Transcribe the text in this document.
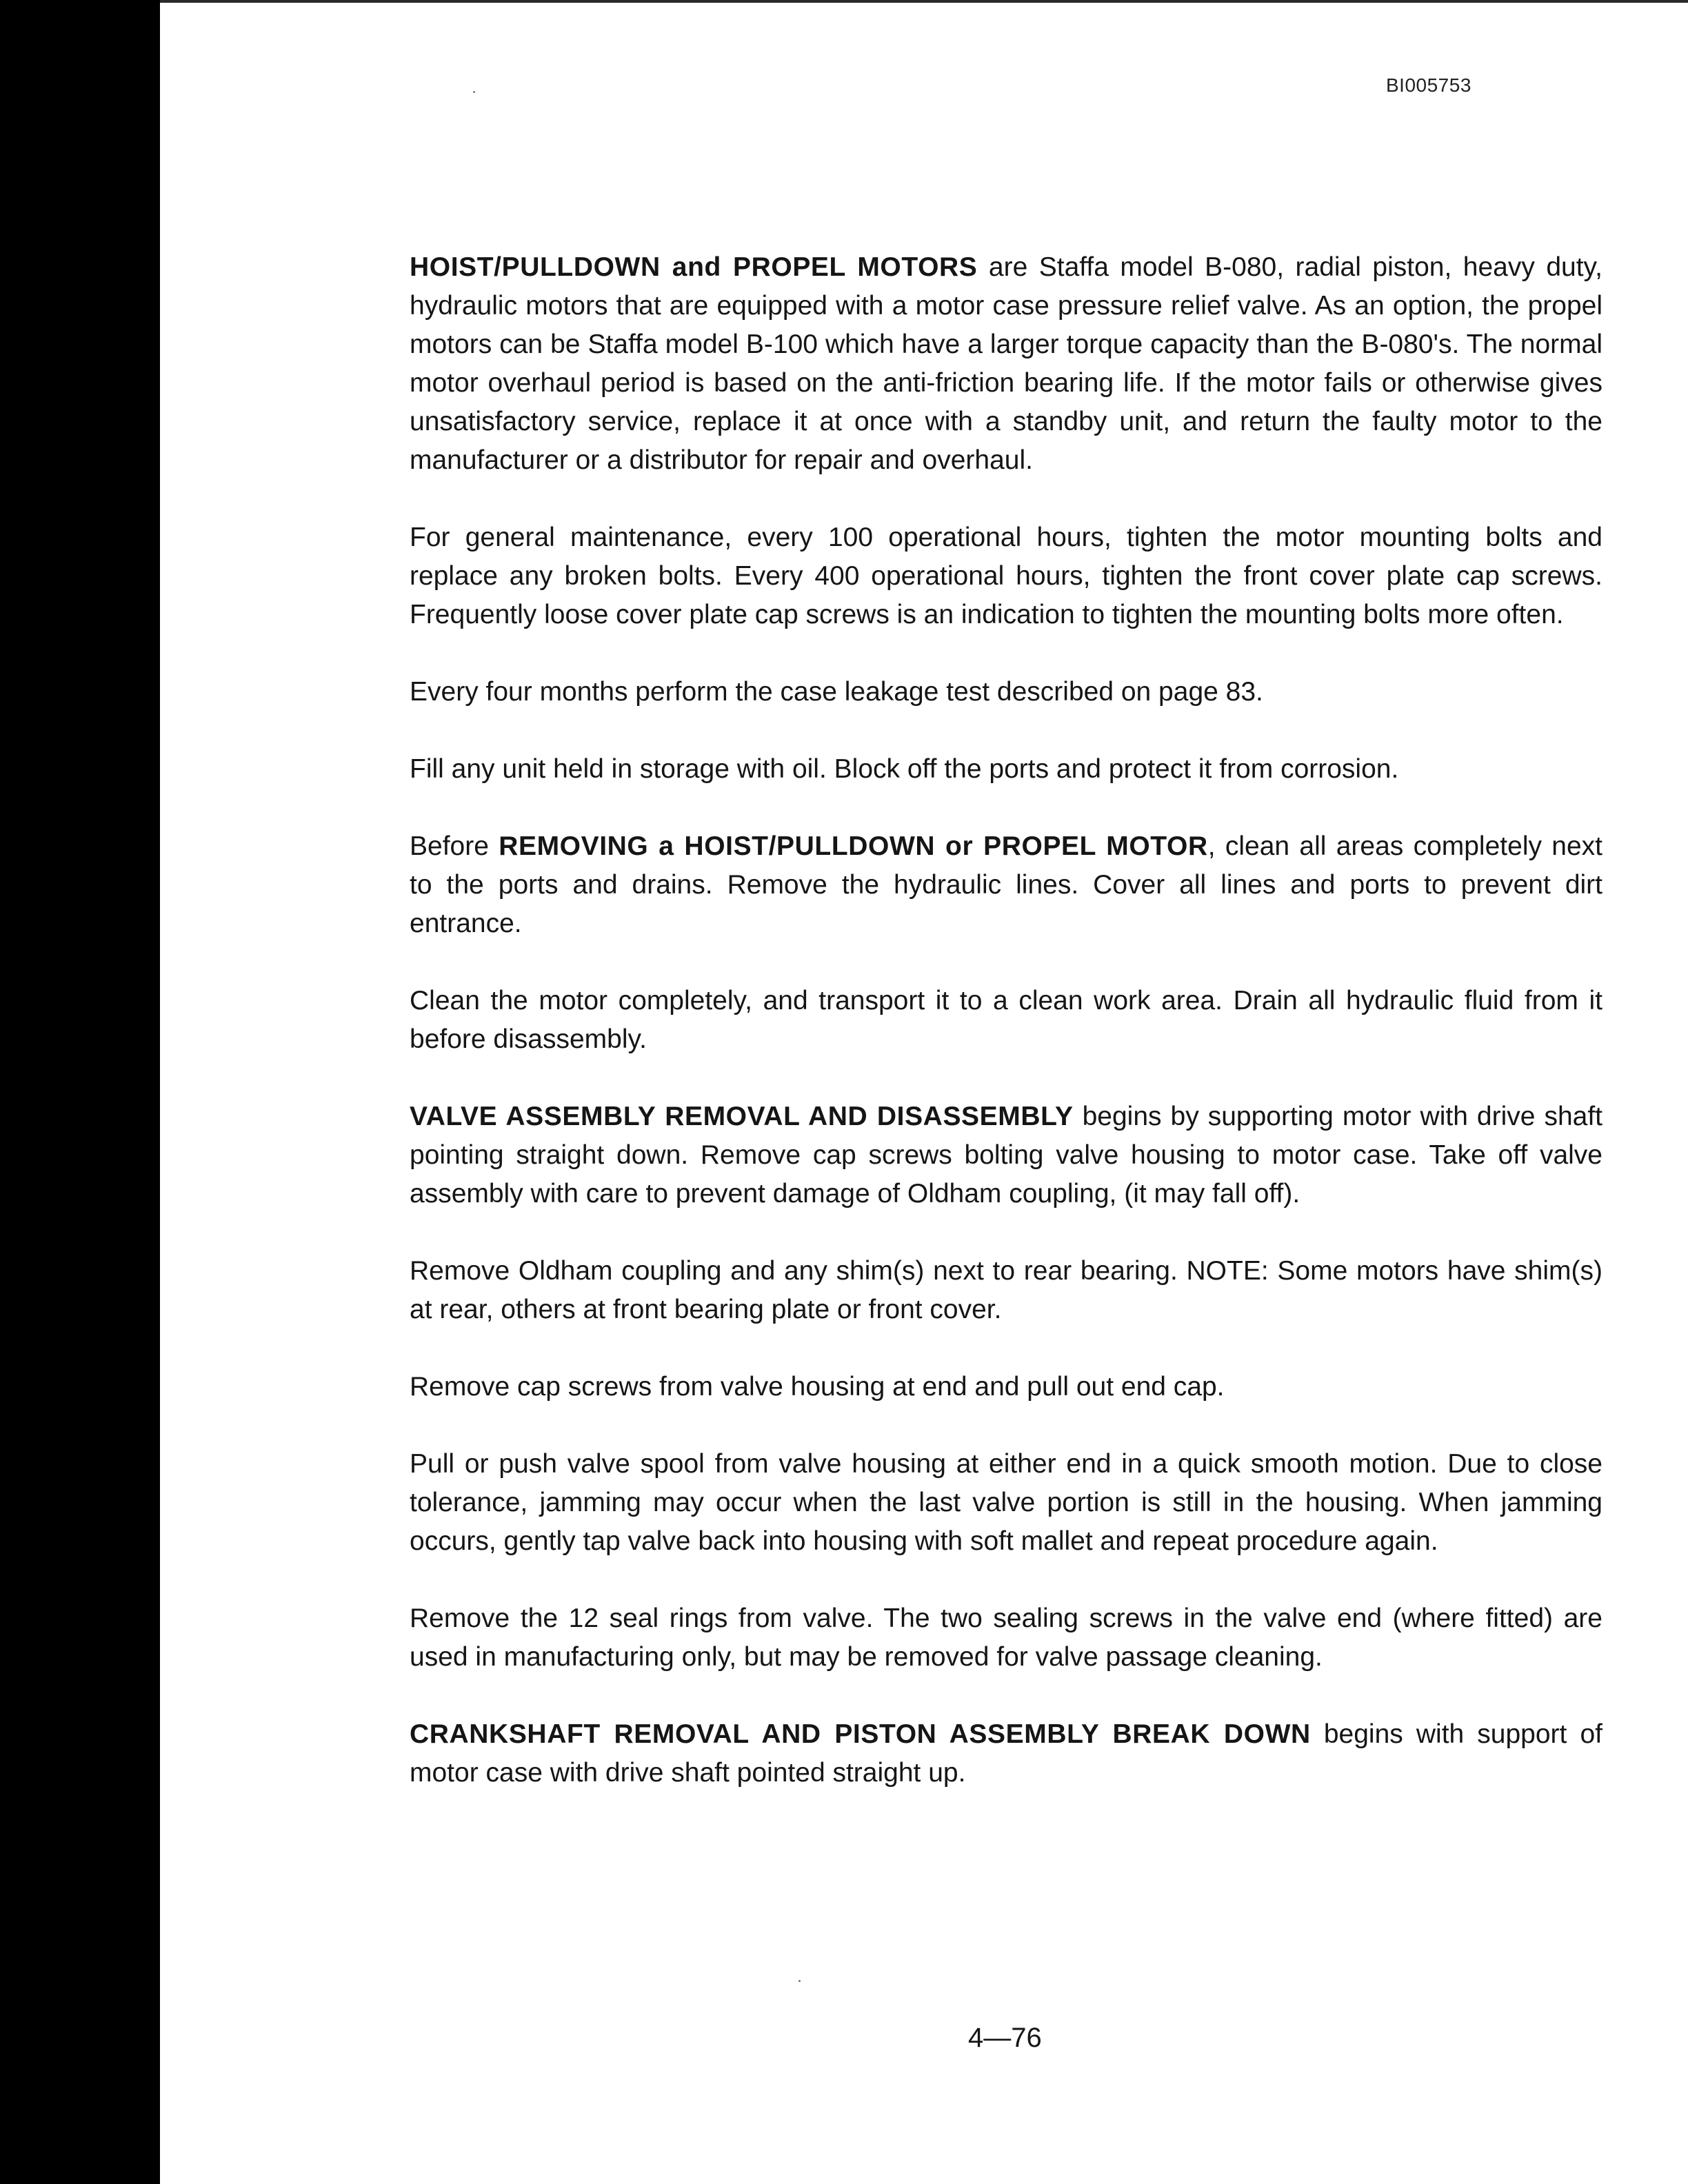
BI005753

HOIST/PULLDOWN and PROPEL MOTORS are Staffa model B-080, radial piston, heavy duty, hydraulic motors that are equipped with a motor case pressure relief valve. As an option, the propel motors can be Staffa model B-100 which have a larger torque capacity than the B-080's. The normal motor overhaul period is based on the anti-friction bearing life. If the motor fails or otherwise gives unsatisfactory service, replace it at once with a standby unit, and return the faulty motor to the manufacturer or a distributor for repair and overhaul.

For general maintenance, every 100 operational hours, tighten the motor mounting bolts and replace any broken bolts. Every 400 operational hours, tighten the front cover plate cap screws. Frequently loose cover plate cap screws is an indication to tighten the mounting bolts more often.

Every four months perform the case leakage test described on page 83.

Fill any unit held in storage with oil. Block off the ports and protect it from corrosion.

Before REMOVING a HOIST/PULLDOWN or PROPEL MOTOR, clean all areas completely next to the ports and drains. Remove the hydraulic lines. Cover all lines and ports to prevent dirt entrance.

Clean the motor completely, and transport it to a clean work area. Drain all hydraulic fluid from it before disassembly.

VALVE ASSEMBLY REMOVAL AND DISASSEMBLY begins by supporting motor with drive shaft pointing straight down. Remove cap screws bolting valve housing to motor case. Take off valve assembly with care to prevent damage of Oldham coupling, (it may fall off).

Remove Oldham coupling and any shim(s) next to rear bearing. NOTE: Some motors have shim(s) at rear, others at front bearing plate or front cover.

Remove cap screws from valve housing at end and pull out end cap.

Pull or push valve spool from valve housing at either end in a quick smooth motion. Due to close tolerance, jamming may occur when the last valve portion is still in the housing. When jamming occurs, gently tap valve back into housing with soft mallet and repeat procedure again.

Remove the 12 seal rings from valve. The two sealing screws in the valve end (where fitted) are used in manufacturing only, but may be removed for valve passage cleaning.

CRANKSHAFT REMOVAL AND PISTON ASSEMBLY BREAK DOWN begins with support of motor case with drive shaft pointed straight up.

4—76
